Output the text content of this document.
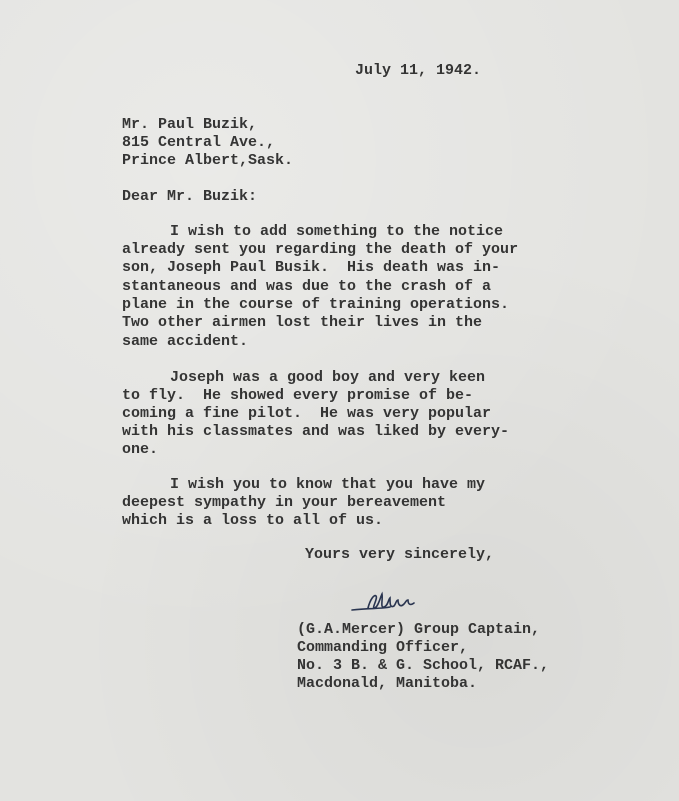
July 11, 1942.
Mr. Paul Buzik,
815 Central Ave.,
Prince Albert,Sask.
Dear Mr. Buzik:
I wish to add something to the notice
already sent you regarding the death of your
son, Joseph Paul Busik.  His death was in-
stantaneous and was due to the crash of a
plane in the course of training operations.
Two other airmen lost their lives in the
same accident.
Joseph was a good boy and very keen
to fly.  He showed every promise of be-
coming a fine pilot.  He was very popular
with his classmates and was liked by every-
one.
I wish you to know that you have my
deepest sympathy in your bereavement
which is a loss to all of us.
Yours very sincerely,
(G.A.Mercer) Group Captain,
Commanding Officer,
No. 3 B. & G. School, RCAF.,
Macdonald, Manitoba.
